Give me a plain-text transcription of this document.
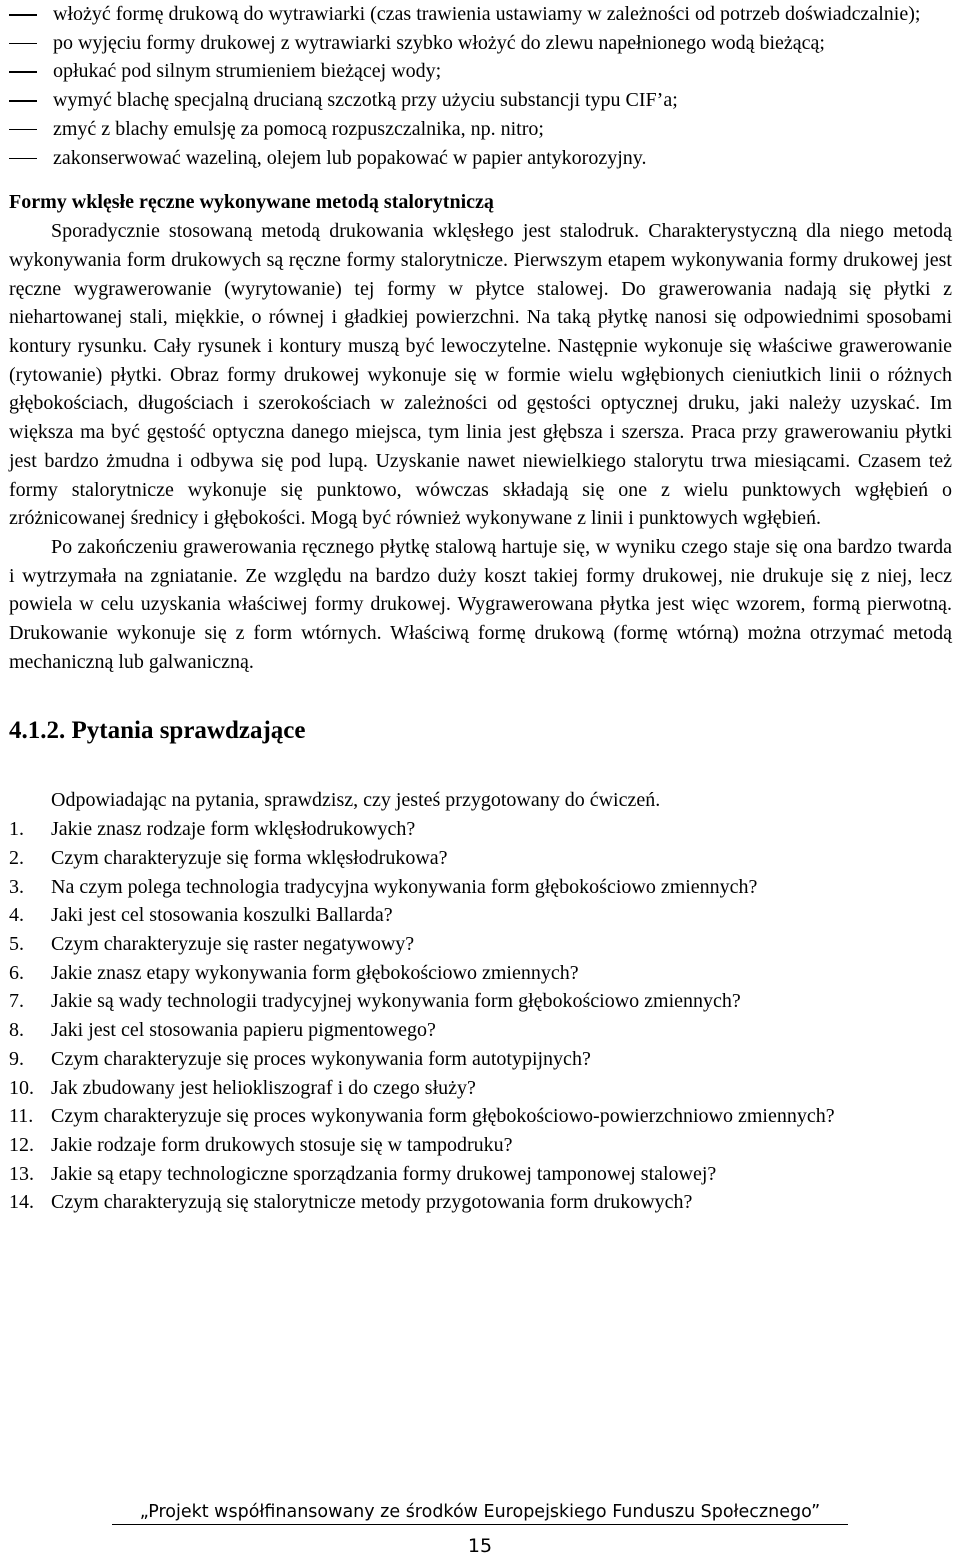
włożyć formę drukową do wytrawiarki (czas trawienia ustawiamy w zależności od potrzeb doświadczalnie);
po wyjęciu formy drukowej z wytrawiarki szybko włożyć do zlewu napełnionego wodą bieżącą;
opłukać pod silnym strumieniem bieżącej wody;
wymyć blachę specjalną drucianą szczotką przy użyciu substancji typu CIF’a;
zmyć z blachy emulsję za pomocą rozpuszczalnika, np. nitro;
zakonserwować wazeliną, olejem lub popakować w papier antykorozyjny.
Formy wklęsłe ręczne wykonywane metodą stalorytniczą

Sporadycznie stosowaną metodą drukowania wklęsłego jest stalodruk. Charakterystyczną dla niego metodą wykonywania form drukowych są ręczne formy stalorytnicze. Pierwszym etapem wykonywania formy drukowej jest ręczne wygrawerowanie (wyrytowanie) tej formy w płytce stalowej. Do grawerowania nadają się płytki z niehartowanej stali, miękkie, o równej i gładkiej powierzchni. Na taką płytkę nanosi się odpowiednimi sposobami kontury rysunku. Cały rysunek i kontury muszą być lewoczytelne. Następnie wykonuje się właściwe grawerowanie (rytowanie) płytki. Obraz formy drukowej wykonuje się w formie wielu wgłębionych cieniutkich linii o różnych głębokościach, długościach i szerokościach w zależności od gęstości optycznej druku, jaki należy uzyskać. Im większa ma być gęstość optyczna danego miejsca, tym linia jest głębsza i szersza. Praca przy grawerowaniu płytki jest bardzo żmudna i odbywa się pod lupą. Uzyskanie nawet niewielkiego stalorytu trwa miesiącami. Czasem też formy stalorytnicze wykonuje się punktowo, wówczas składają się one z wielu punktowych wgłębień o zróżnicowanej średnicy i głębokości. Mogą być również wykonywane z linii i punktowych wgłębień.

Po zakończeniu grawerowania ręcznego płytkę stalową hartuje się, w wyniku czego staje się ona bardzo twarda i wytrzymała na zgniatanie. Ze względu na bardzo duży koszt takiej formy drukowej, nie drukuje się z niej, lecz powiela w celu uzyskania właściwej formy drukowej. Wygrawerowana płytka jest więc wzorem, formą pierwotną. Drukowanie wykonuje się z form wtórnych. Właściwą formę drukową (formę wtórną) można otrzymać metodą mechaniczną lub galwaniczną.

4.1.2. Pytania sprawdzające
Odpowiadając na pytania, sprawdzisz, czy jesteś przygotowany do ćwiczeń.
1.	Jakie znasz rodzaje form wklęsłodrukowych?
2.	Czym charakteryzuje się forma wklęsłodrukowa?
3.	Na czym polega technologia tradycyjna wykonywania form głębokościowo zmiennych?
4.	Jaki jest cel stosowania koszulki Ballarda?
5.	Czym charakteryzuje się raster negatywowy?
6.	Jakie znasz etapy wykonywania form głębokościowo zmiennych?
7.	Jakie są wady technologii tradycyjnej wykonywania form głębokościowo zmiennych?
8.	Jaki jest cel stosowania papieru pigmentowego?
9.	Czym charakteryzuje się proces wykonywania form autotypijnych?
10. Jak zbudowany jest heliokliszograf i do czego służy?
11. Czym charakteryzuje się proces wykonywania form głębokościowo-powierzchniowo zmiennych?
12. Jakie rodzaje form drukowych stosuje się w tampodruku?
13. Jakie są etapy technologiczne sporządzania formy drukowej tamponowej stalowej?
14. Czym charakteryzują się stalorytnicze metody przygotowania form drukowych?
„Projekt współfinansowany ze środków Europejskiego Funduszu Społecznego”
15
